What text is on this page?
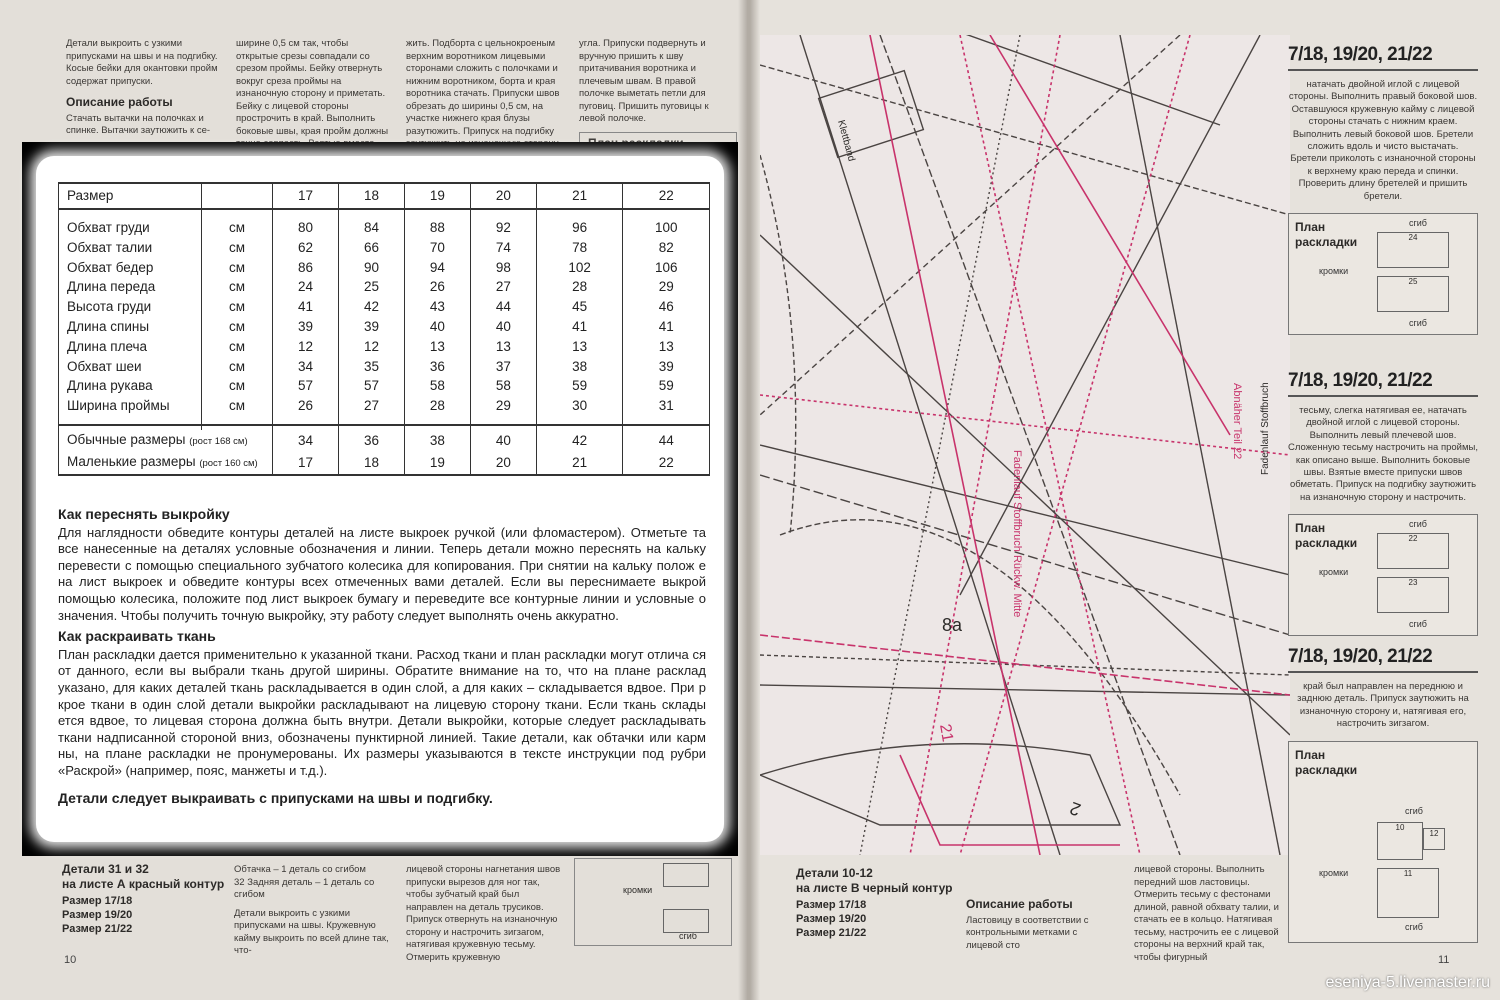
Детали выкроить с узкими припусками на швы и на подгибку. Косые бейки для окантовки пройм содержат припуски.

Описание работы

Стачать вытачки на полочках и спинке. Вытачки заутюжить к се-

ширине 0,5 см так, чтобы открытые срезы совпадали со срезом проймы. Бейку отвернуть вокруг среза проймы на изнаночную сторону и приметать. Бейку с лицевой стороны прострочить в край. Выполнить боковые швы, края пройм должны

жить. Подборта с цельнокроеным верхним воротником лицевыми сторонами сложить с полочками и нижним воротником, борта и края воротника стачать. Припуски швов обрезать до ширины 0,5 см, на участке нижнего края блузы разутюжить. Припуск на подгибку

угла. Припуски подвернуть и вручную пришить к шву притачивания воротника и плечевым швам. В правой полочке выметать петли для пуговиц. Пришить пуговицы к левой полочке.

Детали 31 и 32
на листе А красный контур
Размер 17/18
Размер 19/20
Размер 21/22

Обтачка – 1 деталь со сгибом

32 Задняя деталь – 1 деталь со сгибом

Детали выкроить с узкими припусками на швы. Кружевную кайму выкроить по всей длине так, что-

лицевой стороны нагнетания швов припуски вырезов для ног так, чтобы зубчатый край был направлен на деталь трусиков. Припуск отвернуть на изнаночную сторону и настрочить зигзагом, натягивая кружевную тесьму. Отмерить кружевную

кромки
сгиб
10
Abnäher Teil 22
Fadenlauf Stoffbruch Rückw. Mitte
Klettband
Fadenlauf Stoffbruch
8a
21
2
Детали 10-12
на листе В черный контур
Размер 17/18
Размер 19/20
Размер 21/22
Описание работы

Ластовицу в соответствии с контрольными метками с лицевой сто

лицевой стороны. Выполнить передний шов ластовицы. Отмерить тесьму с фестонами длиной, равной обхвату талии, и стачать ее в кольцо. Натягивая тесьму, настрочить ее с лицевой стороны на верхний край так, чтобы фигурный

7/18, 19/20, 21/22
натачать двойной иглой с лицевой стороны. Выполнить правый боковой шов. Оставшуюся кружевную кайму с лицевой стороны стачать с нижним краем. Выполнить левый боковой шов. Бретели сложить вдоль и чисто выстачать. Бретели приколоть с изнаночной стороны к верхнему краю переда и спинки. Проверить длину бретелей и пришить бретели.
План раскладки
сгиб
кромки
сгиб
24
25
7/18, 19/20, 21/22
тесьму, слегка натягивая ее, натачать двойной иглой с лицевой стороны. Выполнить левый плечевой шов. Сложенную тесьму настрочить на проймы, как описано выше. Выполнить боковые швы. Взятые вместе припуски швов обметать. Припуск на подгибку заутюжить на изнаночную сторону и настрочить.
План раскладки
сгиб
кромки
сгиб
22
23
7/18, 19/20, 21/22
край был направлен на переднюю и заднюю деталь. Припуск заутюжить на изнаночную сторону и, натягивая его, настрочить зигзагом.
План раскладки
сгиб
кромки
сгиб
10
12
11
11
esenіya-5.livemaster.ru
Размер		17	18	19	20	21	22

Обхват груди	см	80	84	88	92	96	100
Обхват талии	см	62	66	70	74	78	82
Обхват бедер	см	86	90	94	98	102	106
Длина переда	см	24	25	26	27	28	29
Высота груди	см	41	42	43	44	45	46
Длина спины	см	39	39	40	40	41	41
Длина плеча	см	12	12	13	13	13	13
Обхват шеи	см	34	35	36	37	38	39
Длина рукава	см	57	57	58	58	59	59
Ширина проймы	см	26	27	28	29	30	31

Обычные размеры (рост 168 см)		34	36	38	40	42	44
Маленькие размеры (рост 160 см)		17	18	19	20	21	22
Как переснять выкройку

Для наглядности обведите контуры деталей на листе выкроек ручкой (или фломастером). Отметьте та все нанесенные на деталях условные обозначения и линии. Теперь детали можно переснять на кальку перевести с помощью специального зубчатого колесика для копирования. При снятии на кальку полож е на лист выкроек и обведите контуры всех отмеченных вами деталей. Если вы переснимаете выкрой помощью колесика, положите под лист выкроек бумагу и переведите все контурные линии и условные о значения. Чтобы получить точную выкройку, эту работу следует выполнять очень аккуратно.

Как раскраивать ткань

План раскладки дается применительно к указанной ткани. Расход ткани и план раскладки могут отлича ся от данного, если вы выбрали ткань другой ширины. Обратите внимание на то, что на плане расклад указано, для каких деталей ткань раскладывается в один слой, а для каких – складывается вдвое. При р крое ткани в один слой детали выкройки раскладывают на лицевую сторону ткани. Если ткань склады ется вдвое, то лицевая сторона должна быть внутри. Детали выкройки, которые следует раскладывать ткани надписанной стороной вниз, обозначены пунктирной линией. Такие детали, как обтачки или карм ны, на плане раскладки не пронумерованы. Их размеры указываются в тексте инструкции под рубри «Раскрой» (например, пояс, манжеты и т.д.).

Детали следует выкраивать с припусками на швы и подгибку.
